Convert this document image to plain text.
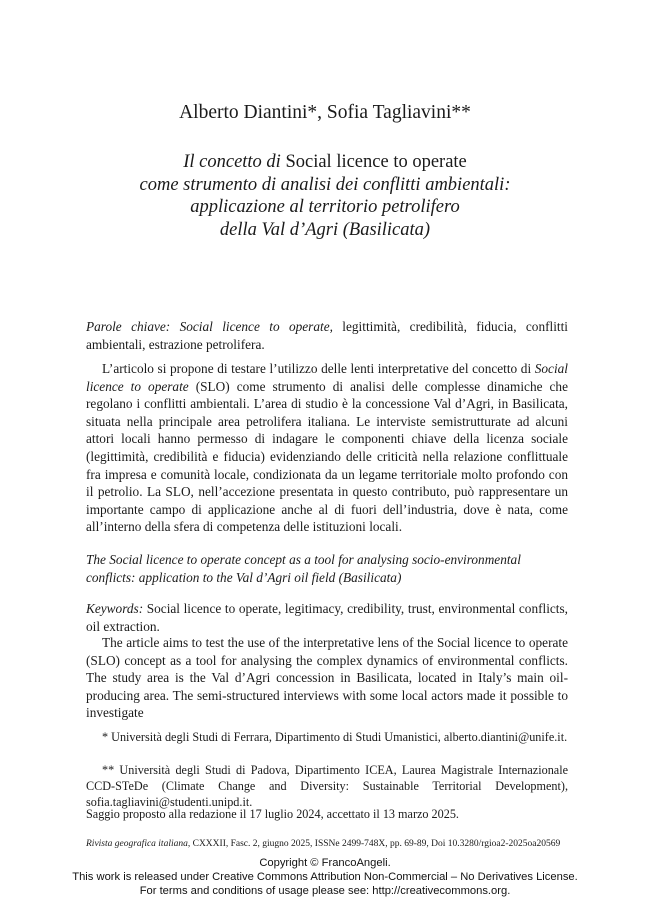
Alberto Diantini*, Sofia Tagliavini**
Il concetto di Social licence to operate
come strumento di analisi dei conflitti ambientali:
applicazione al territorio petrolifero
della Val d’Agri (Basilicata)
Parole chiave: Social licence to operate, legittimità, credibilità, fiducia, conflitti ambientali, estrazione petrolifera.
L’articolo si propone di testare l’utilizzo delle lenti interpretative del concetto di Social licence to operate (SLO) come strumento di analisi delle complesse dinamiche che regolano i conflitti ambientali. L’area di studio è la concessione Val d’Agri, in Basilicata, situata nella principale area petrolifera italiana. Le interviste semistrutturate ad alcuni attori locali hanno permesso di indagare le componenti chiave della licenza sociale (legittimità, credibilità e fiducia) evidenziando delle criticità nella relazione conflittuale fra impresa e comunità locale, condizionata da un legame territoriale molto profondo con il petrolio. La SLO, nell’accezione presentata in questo contributo, può rappresentare un importante campo di applicazione anche al di fuori dell’industria, dove è nata, come all’interno della sfera di competenza delle istituzioni locali.
The Social licence to operate concept as a tool for analysing socio-environmental conflicts: application to the Val d’Agri oil field (Basilicata)
Keywords: Social licence to operate, legitimacy, credibility, trust, environmental conflicts, oil extraction.
The article aims to test the use of the interpretative lens of the Social licence to operate (SLO) concept as a tool for analysing the complex dynamics of environmental conflicts. The study area is the Val d’Agri concession in Basilicata, located in Italy’s main oil-producing area. The semi-structured interviews with some local actors made it possible to investigate
* Università degli Studi di Ferrara, Dipartimento di Studi Umanistici, alberto.diantini@unife.it.
** Università degli Studi di Padova, Dipartimento ICEA, Laurea Magistrale Internazionale CCD-STeDe (Climate Change and Diversity: Sustainable Territorial Development), sofia.tagliavini@studenti.unipd.it.
Saggio proposto alla redazione il 17 luglio 2024, accettato il 13 marzo 2025.
Rivista geografica italiana, CXXXII, Fasc. 2, giugno 2025, ISSNe 2499-748X, pp. 69-89, Doi 10.3280/rgioa2-2025oa20569
Copyright © FrancoAngeli.
This work is released under Creative Commons Attribution Non-Commercial – No Derivatives License.
For terms and conditions of usage please see: http://creativecommons.org.
